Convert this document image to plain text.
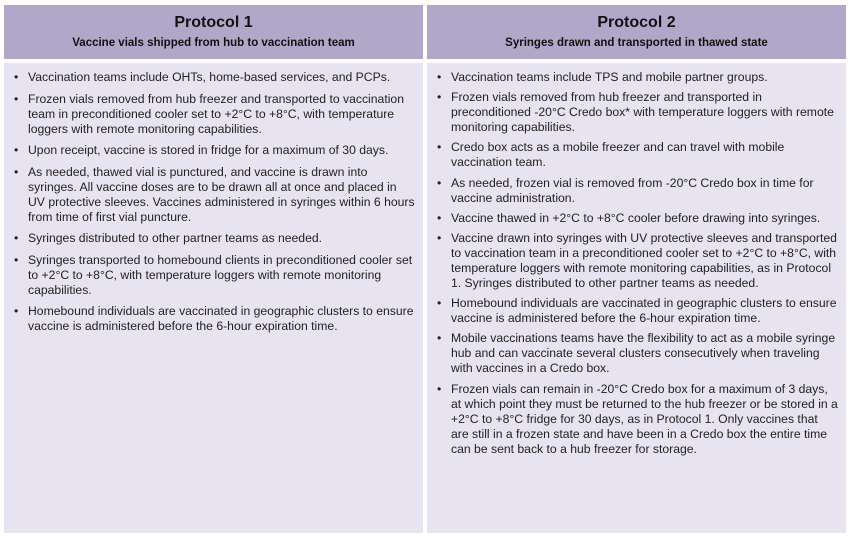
Protocol 1
Vaccine vials shipped from hub to vaccination team
• Vaccination teams include OHTs, home-based services, and PCPs.
• Frozen vials removed from hub freezer and transported to vaccination team in preconditioned cooler set to +2°C to +8°C, with temperature loggers with remote monitoring capabilities.
• Upon receipt, vaccine is stored in fridge for a maximum of 30 days.
• As needed, thawed vial is punctured, and vaccine is drawn into syringes. All vaccine doses are to be drawn all at once and placed in UV protective sleeves. Vaccines administered in syringes within 6 hours from time of first vial puncture.
• Syringes distributed to other partner teams as needed.
• Syringes transported to homebound clients in preconditioned cooler set to +2°C to +8°C, with temperature loggers with remote monitoring capabilities.
• Homebound individuals are vaccinated in geographic clusters to ensure vaccine is administered before the 6-hour expiration time.
Protocol 2
Syringes drawn and transported in thawed state
• Vaccination teams include TPS and mobile partner groups.
• Frozen vials removed from hub freezer and transported in preconditioned -20°C Credo box* with temperature loggers with remote monitoring capabilities.
• Credo box acts as a mobile freezer and can travel with mobile vaccination team.
• As needed, frozen vial is removed from -20°C Credo box in time for vaccine administration.
• Vaccine thawed in +2°C to +8°C cooler before drawing into syringes.
• Vaccine drawn into syringes with UV protective sleeves and transported to vaccination team in a preconditioned cooler set to +2°C to +8°C, with temperature loggers with remote monitoring capabilities, as in Protocol 1. Syringes distributed to other partner teams as needed.
• Homebound individuals are vaccinated in geographic clusters to ensure vaccine is administered before the 6-hour expiration time.
• Mobile vaccinations teams have the flexibility to act as a mobile syringe hub and can vaccinate several clusters consecutively when traveling with vaccines in a Credo box.
• Frozen vials can remain in -20°C Credo box for a maximum of 3 days, at which point they must be returned to the hub freezer or be stored in a +2°C to +8°C fridge for 30 days, as in Protocol 1. Only vaccines that are still in a frozen state and have been in a Credo box the entire time can be sent back to a hub freezer for storage.
